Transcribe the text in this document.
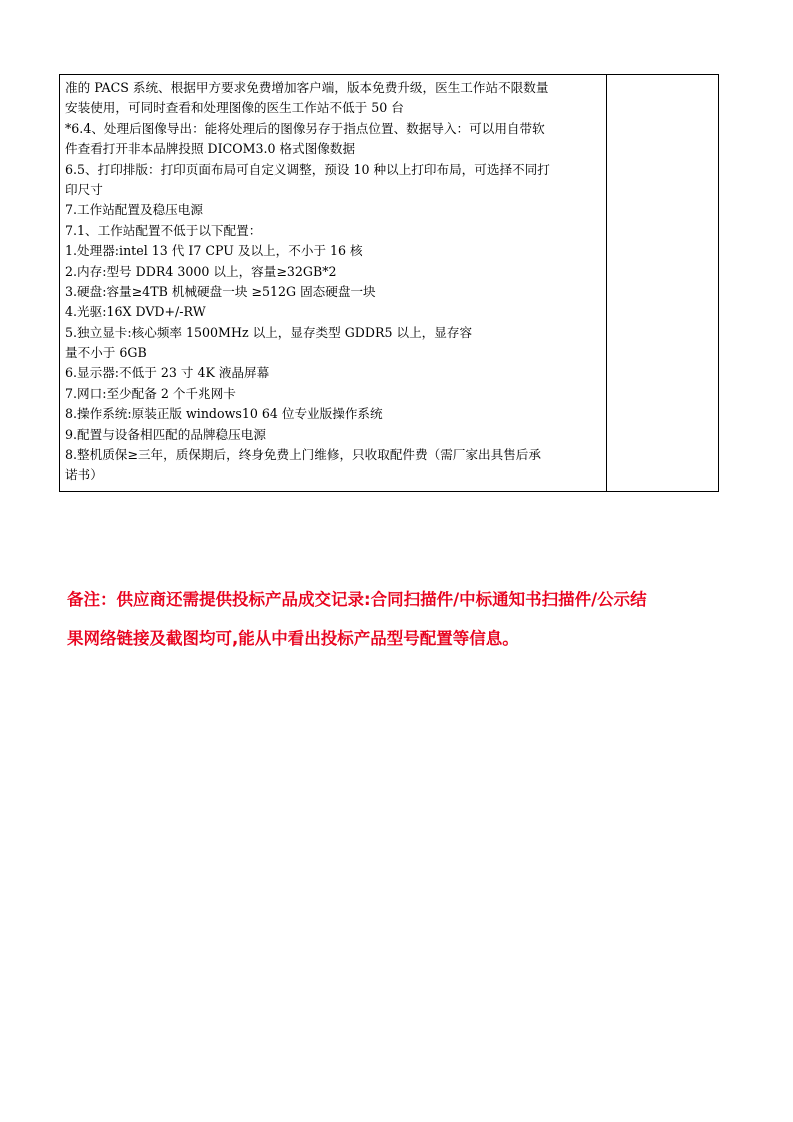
准的 PACS 系统、根据甲方要求免费增加客户端，版本免费升级，医生工作站不限数量
安装使用，可同时查看和处理图像的医生工作站不低于 50 台
*6.4、处理后图像导出：能将处理后的图像另存于指点位置、数据导入：可以用自带软
件查看打开非本品牌投照 DICOM3.0 格式图像数据
6.5、打印排版：打印页面布局可自定义调整，预设 10 种以上打印布局，可选择不同打
印尺寸
7.工作站配置及稳压电源
7.1、工作站配置不低于以下配置：
1.处理器:intel 13 代 I7 CPU 及以上，不小于 16 核
2.内存:型号 DDR4 3000 以上，容量≥32GB*2
3.硬盘:容量≥4TB 机械硬盘一块 ≥512G 固态硬盘一块
4.光驱:16X DVD+/-RW
5.独立显卡:核心频率 1500MHz 以上，显存类型 GDDR5 以上，显存容
量不小于 6GB
6.显示器:不低于 23 寸 4K 液晶屏幕
7.网口:至少配备 2 个千兆网卡
8.操作系统:原装正版 windows10 64 位专业版操作系统
9.配置与设备相匹配的品牌稳压电源
8.整机质保≥三年，质保期后，终身免费上门维修，只收取配件费（需厂家出具售后承
诺书）
备注：供应商还需提供投标产品成交记录:合同扫描件/中标通知书扫描件/公示结
果网络链接及截图均可,能从中看出投标产品型号配置等信息。
